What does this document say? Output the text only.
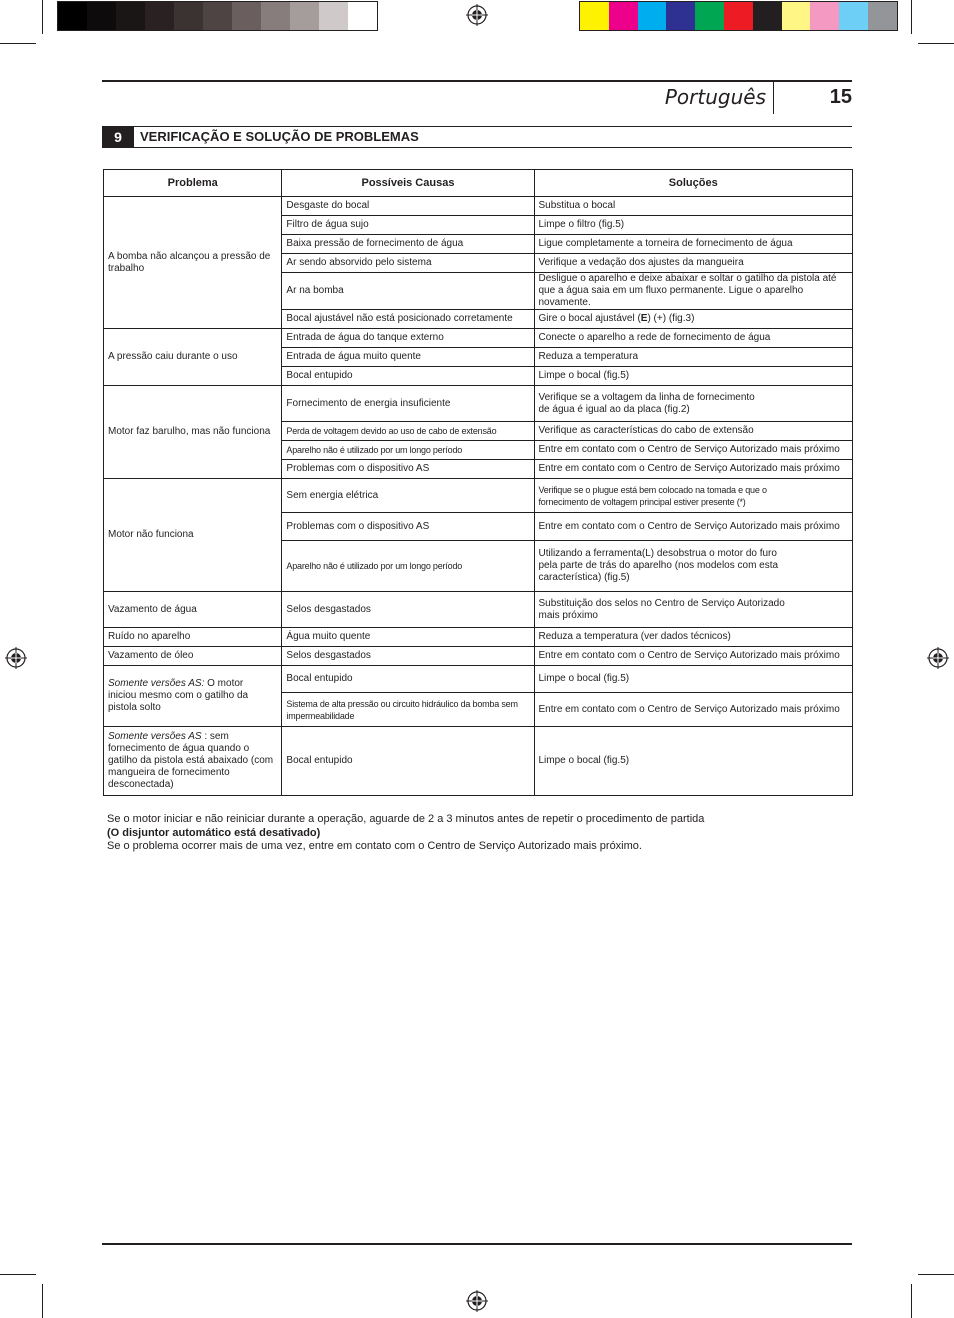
Português	15
9	VERIFICAÇÃO E SOLUÇÃO DE PROBLEMAS
Problema	Possíveis Causas	Soluções
A bomba não alcançou a pressão de trabalho	Desgaste do bocal	Substitua o bocal
	Filtro de água sujo	Limpe o filtro (fig.5)
	Baixa pressão de fornecimento de água	Ligue completamente a torneira de fornecimento de água
	Ar sendo absorvido pelo sistema	Verifique a vedação dos ajustes da mangueira
	Ar na bomba	Desligue o aparelho e deixe abaixar e soltar o gatilho da pistola até que a água saia em um fluxo permanente. Ligue o aparelho novamente.
	Bocal ajustável não está posicionado corretamente	Gire o bocal ajustável (E) (+) (fig.3)
A pressão caiu durante o uso	Entrada de água do tanque externo	Conecte o aparelho a rede de fornecimento de água
	Entrada de água muito quente	Reduza a temperatura
	Bocal entupido	Limpe o bocal (fig.5)
Motor faz barulho, mas não funciona	Fornecimento de energia insuficiente	Verifique se a voltagem da linha de fornecimento de água é igual ao da placa (fig.2)
	Perda de voltagem devido ao uso de cabo de extensão	Verifique as características do cabo de extensão
	Aparelho não é utilizado por um longo período	Entre em contato com o Centro de Serviço Autorizado mais próximo
	Problemas com o dispositivo AS	Entre em contato com o Centro de Serviço Autorizado mais próximo
Motor não funciona	Sem energia elétrica	Verifique se o plugue está bem colocado na tomada e que o fornecimento de voltagem principal estiver presente (*)
	Problemas com o dispositivo AS	Entre em contato com o Centro de Serviço Autorizado mais próximo
	Aparelho não é utilizado por um longo período	Utilizando a ferramenta(L) desobstrua o motor do furo pela parte de trás do aparelho (nos modelos com esta característica) (fig.5)
Vazamento de água	Selos desgastados	Substituição dos selos no Centro de Serviço Autorizado mais próximo
Ruído no aparelho	Água muito quente	Reduza a temperatura (ver dados técnicos)
Vazamento de óleo	Selos desgastados	Entre em contato com o Centro de Serviço Autorizado mais próximo
Somente versões AS: O motor iniciou mesmo com o gatilho da pistola solto	Bocal entupido	Limpe o bocal (fig.5)
	Sistema de alta pressão ou circuito hidráulico da bomba sem impermeabilidade	Entre em contato com o Centro de Serviço Autorizado mais próximo
Somente versões AS : sem fornecimento de água quando o gatilho da pistola está abaixado (com mangueira de fornecimento desconectada)	Bocal entupido	Limpe o bocal (fig.5)

Se o motor iniciar e não reiniciar durante a operação, aguarde de 2 a 3 minutos antes de repetir o procedimento de partida

(O disjuntor automático está desativado)

Se o problema ocorrer mais de uma vez, entre em contato com o Centro de Serviço Autorizado mais próximo.
